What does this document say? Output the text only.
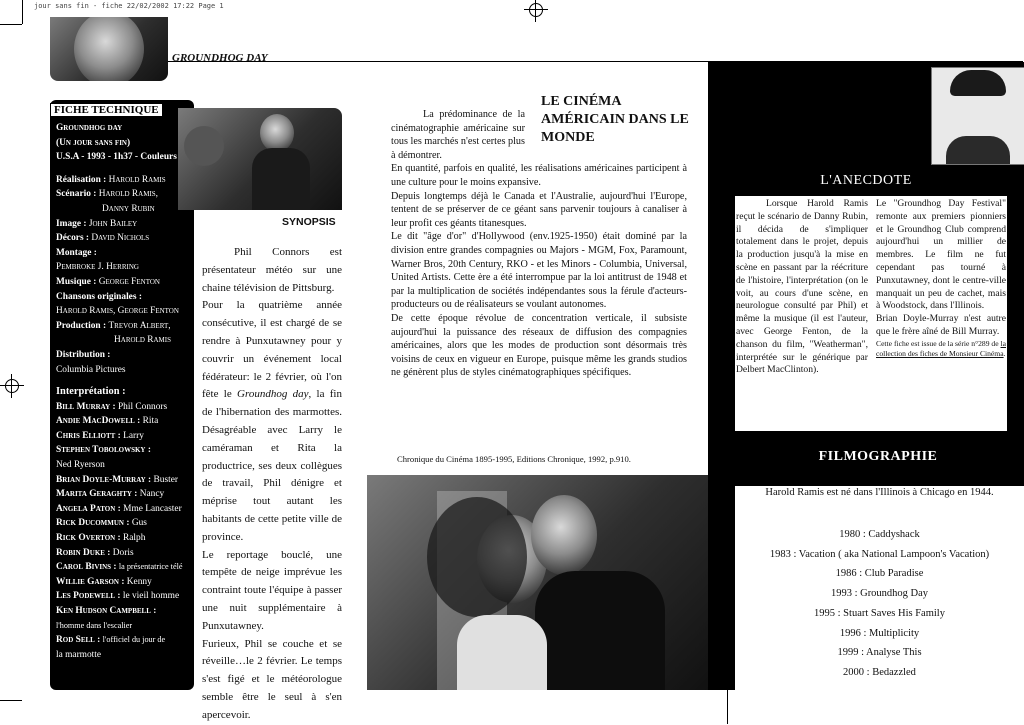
jour sans fin - fiche 22/02/2002 17:22 Page 1
GROUNDHOG DAY
Groundhog day
(Un jour sans fin)
U.S.A - 1993 - 1h37 - Couleurs
Réalisation : Harold Ramis
Scénario : Harold Ramis,
Danny Rubin
Image : John Bailey
Décors : David Nichols
Montage :
Pembroke J. Herring
Musique : George Fenton
Chansons originales :
Harold Ramis, George Fenton
Production : Trevor Albert,
Harold Ramis
Distribution :
Columbia Pictures
Interprétation :
Bill Murray : Phil Connors
Andie MacDowell : Rita
Chris Elliott : Larry
Stephen Tobolowsky :
Ned Ryerson
Brian Doyle-Murray : Buster
Marita Geraghty : Nancy
Angela Paton : Mme Lancaster
Rick Ducommun : Gus
Rick Overton : Ralph
Robin Duke : Doris
Carol Bivins : la présentatrice télé
Willie Garson : Kenny
Les Podewell : le vieil homme
Ken Hudson Campbell :
l'homme dans l'escalier
Rod Sell : l'officiel du jour de
la marmotte
FICHE TECHNIQUE
SYNOPSIS

Phil Connors est présentateur météo sur une chaine télévision de Pittsburg.

Pour la quatrième année consécutive, il est chargé de se rendre à Punxutawney pour y couvrir un événement local fédérateur: le 2 février, où l'on fête le Groundhog day, la fin de l'hibernation des marmottes. Désagréable avec Larry le caméraman et Rita la productrice, ses deux collègues de travail, Phil dénigre et méprise tout autant les habitants de cette petite ville de province.

Le reportage bouclé, une tempête de neige imprévue les contraint toute l'équipe à passer une nuit supplémentaire à Punxutawney.

Furieux, Phil se couche et se réveille…le 2 février. Le temps s'est figé et le météorologue semble être le seul à s'en apercevoir.

LE CINÉMA AMÉRICAIN DANS LE MONDE

La prédominance de la cinématographie américaine sur tous les marchés n'est certes plus à démontrer.

En quantité, parfois en qualité, les réalisations américaines participent à une culture pour le moins expansive.

Depuis longtemps déjà le Canada et l'Australie, aujourd'hui l'Europe, tentent de se préserver de ce géant sans parvenir toujours à canaliser à leur profit ces géants titanesques.

Le dit "âge d'or" d'Hollywood (env.1925-1950) était dominé par la division entre grandes compagnies ou Majors - MGM, Fox, Paramount, Warner Bros, 20th Century, RKO - et les Minors - Columbia, Universal, United Artists. Cette ère a été interrompue par la loi antitrust de 1948 et par la multiplication de sociétés indépendantes sous la férule d'acteurs-producteurs ou de réalisateurs se voulant autonomes.

De cette époque révolue de concentration verticale, il subsiste aujourd'hui la puissance des réseaux de diffusion des compagnies américaines, alors que les modes de production sont désormais très voisins de ceux en vigueur en Europe, puisque même les grands studios ne génèrent plus de styles cinématographiques spécifiques.

Chronique du Cinéma 1895-1995, Editions Chronique, 1992, p.910.
L'ANECDOTE

Lorsque Harold Ramis reçut le scénario de Danny Rubin, il décida de s'impliquer totalement dans le projet, depuis la production jusqu'à la mise en scène en passant par la réécriture de l'histoire, l'interprétation (on le voit, au cours d'une scène, en neurologue consulté par Phil) et même la musique (il est l'auteur, avec George Fenton, de la chanson du film, "Weatherman", interprétée sur le générique par Delbert MacClinton).

Le "Groundhog Day Festival" remonte aux premiers pionniers et le Groundhog Club comprend aujourd'hui un millier de membres. Le film ne fut cependant pas tourné à Punxutawney, dont le centre-ville manquait un peu de cachet, mais à Woodstock, dans l'Illinois.

Brian Doyle-Murray n'est autre que le frère aîné de Bill Murray.

Cette fiche est issue de la série n°289 de la collection des fiches de Monsieur Cinéma.

FILMOGRAPHIE
Harold Ramis est né dans l'Illinois à Chicago en 1944.
1980 : Caddyshack
1983 : Vacation ( aka National Lampoon's Vacation)
1986 : Club Paradise
1993 : Groundhog Day
1995 : Stuart Saves His Family
1996 : Multiplicity
1999 : Analyse This
2000 : Bedazzled
